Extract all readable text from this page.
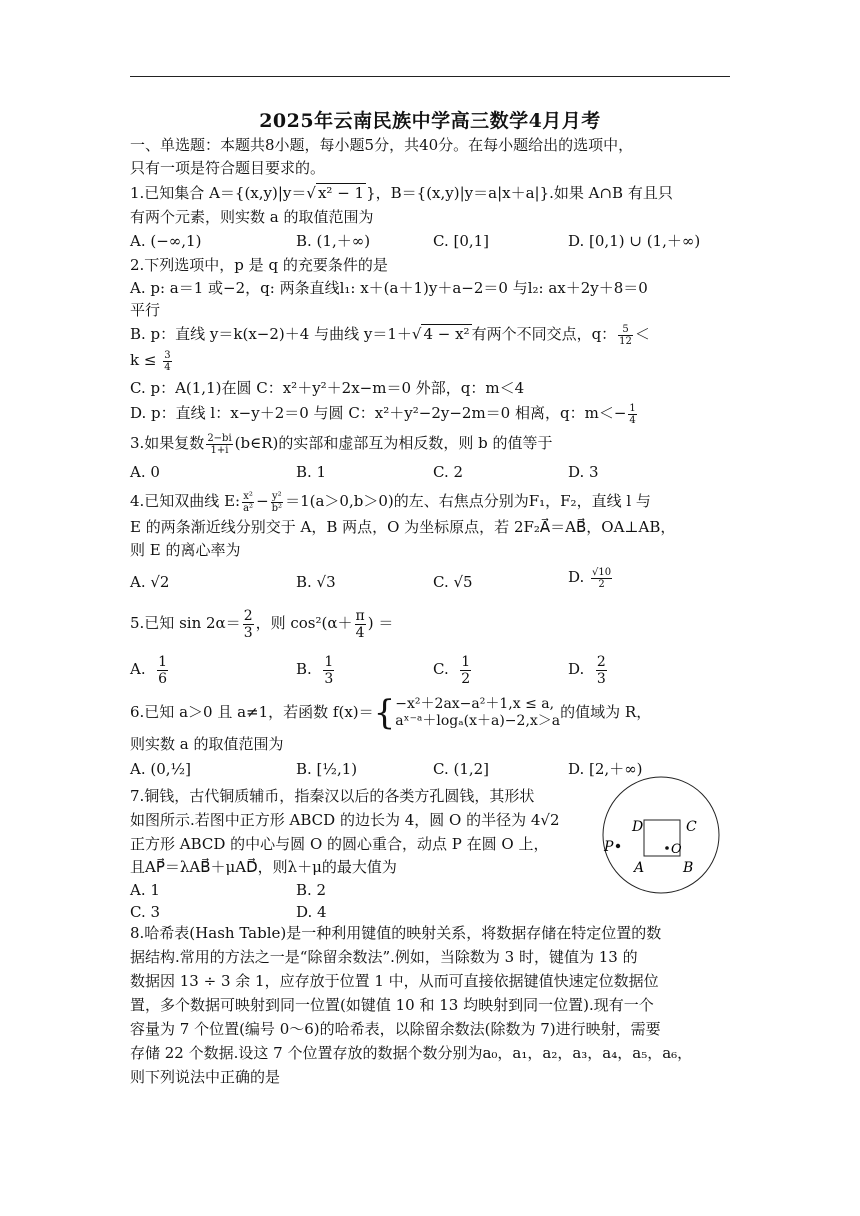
2025年云南民族中学高三数学4月月考
一、单选题：本题共8小题，每小题5分，共40分。在每小题给出的选项中，
只有一项是符合题目要求的。
1.已知集合 A＝{(x,y)|y＝√ x² − 1 }，B＝{(x,y)|y＝a|x＋a|}.如果 A∩B 有且只
有两个元素，则实数 a 的取值范围为
A. (−∞,1)	B. (1,＋∞)	C. [0,1]	D. [0,1) ∪ (1,＋∞)
2.下列选项中，p 是 q 的充要条件的是
A. p: a＝1 或−2，q: 两条直线l₁: x＋(a＋1)y＋a−2＝0 与l₂: ax＋2y＋8＝0
平行
B. p：直线 y＝k(x−2)＋4 与曲线 y＝1＋√ 4 − x² 有两个不同交点，q： $\frac{5}{12}$ ＜
$k \le \frac{3}{4}$
C. p：A(1,1)在圆 C：x²＋y²＋2x−m＝0 外部，q：m＜4
D. p：直线 l：x−y＋2＝0 与圆 C：x²＋y²−2y−2m＝0 相离，q：$m<- \frac{1}{4}$
3.如果复数 $\frac{2-bi}{1+i}$ (b∈R)的实部和虚部互为相反数，则 b 的值等于
A. 0	B. 1	C. 2	D. 3
4.已知双曲线 E: $\frac{\text{x²}}{\text{a²}} - \frac{\text{y²}}{\text{b²}} =1(a>0,b>0)$的左、右焦点分别为F₁，F₂，直线 l 与
E 的两条渐近线分别交于 A，B 两点，O 为坐标原点，若 2F₂A⃗＝AB⃗，OA⊥AB，
则 E 的离心率为
A. √2	B. √3	C. √5	D. $\frac{√10}{2}$
5.已知 $\sin 2\alpha= \frac{2}{3}$ ，则 $\cos^2(\alpha+ \frac{\pi}{4}$ ) ＝
A. $\frac{1}{6}$	B. $\frac{1}{3}$	C. $\frac{1}{2}$	D. $\frac{2}{3}$
6.已知 a＞0 且 a≠1，若函数 f(x)＝{ −x²＋2ax−a²＋1,x ≤ a,
aˣ⁻ᵃ＋logₐ(x＋a)−2,x＞a 的值域为 R，
则实数 a 的取值范围为
A. (0,½]	B. [½,1)	C. (1,2]	D. [2,＋∞)
7.铜钱，古代铜质辅币，指秦汉以后的各类方孔圆钱，其形状
如图所示.若图中正方形 ABCD 的边长为 4，圆 O 的半径为 4√2
正方形 ABCD 的中心与圆 O 的圆心重合，动点 P 在圆 O 上，
且AP⃗＝λAB⃗＋μAD⃗，则λ＋μ的最大值为
A. 1	B. 2
C. 3	D. 4
P
A	B
C
D
O
8.哈希表(Hash Table)是一种利用键值的映射关系，将数据存储在特定位置的数
据结构.常用的方法之一是“除留余数法”.例如，当除数为 3 时，键值为 13 的
数据因 13 ÷ 3 余 1，应存放于位置 1 中，从而可直接依据键值快速定位数据位
置，多个数据可映射到同一位置(如键值 10 和 13 均映射到同一位置).现有一个
容量为 7 个位置(编号 0～6)的哈希表，以除留余数法(除数为 7)进行映射，需要
存储 22 个数据.设这 7 个位置存放的数据个数分别为a₀，a₁，a₂，a₃，a₄，a₅，a₆，
则下列说法中正确的是
